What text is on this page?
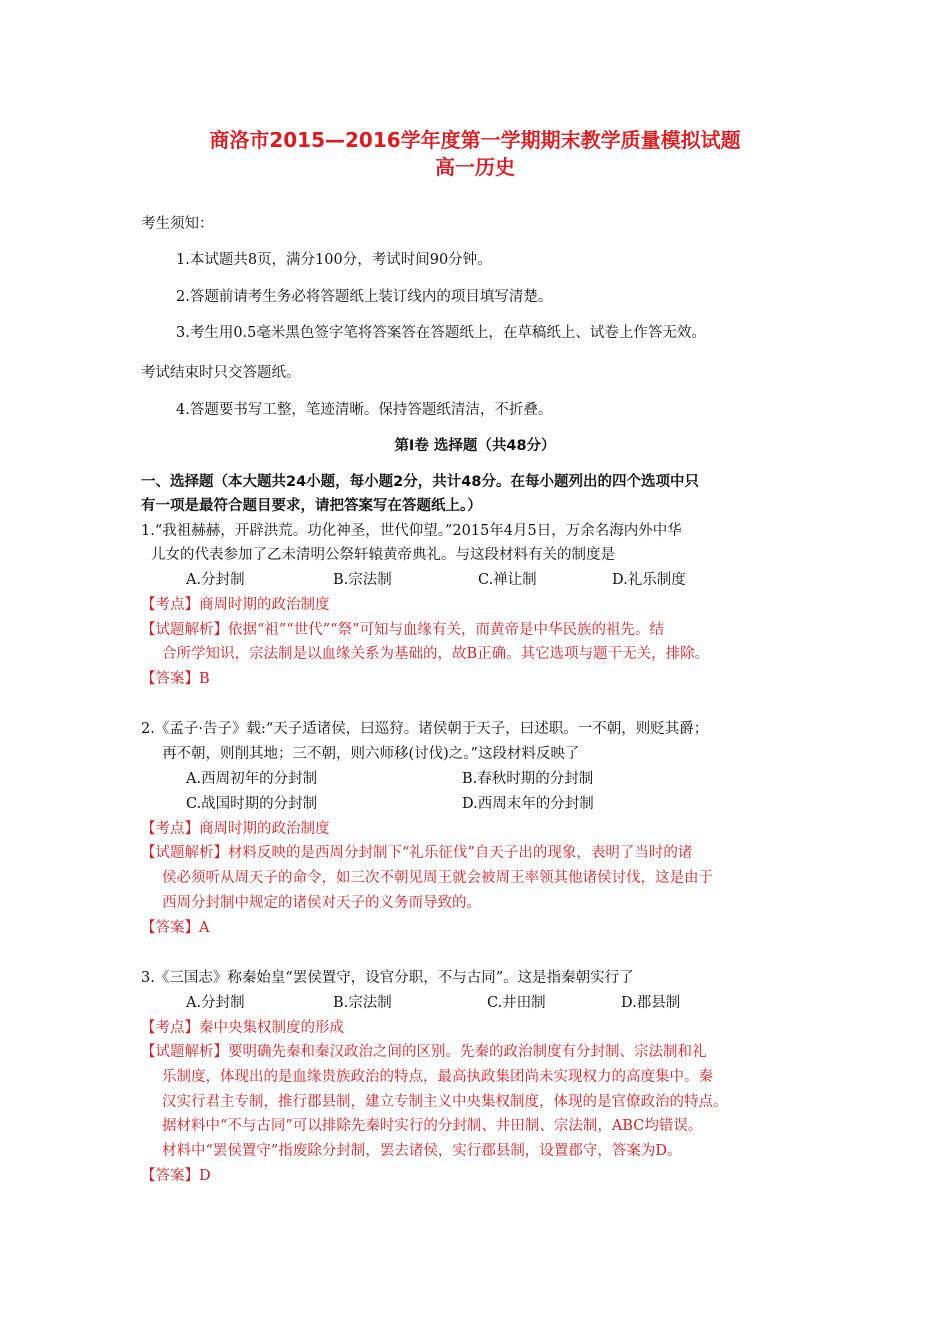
商洛市2015—2016学年度第一学期期末教学质量模拟试题
高一历史
考生须知：
1.本试题共8页，满分100分，考试时间90分钟。
2.答题前请考生务必将答题纸上装订线内的项目填写清楚。
3.考生用0.5毫米黑色签字笔将答案答在答题纸上，在草稿纸上、试卷上作答无效。
考试结束时只交答题纸。
4.答题要书写工整，笔迹清晰。保持答题纸清洁，不折叠。
第Ⅰ卷 选择题（共48分）
一、选择题（本大题共24小题，每小题2分，共计48分。在每小题列出的四个选项中只
有一项是最符合题目要求，请把答案写在答题纸上。）
1.“我祖赫赫，开辟洪荒。功化神圣，世代仰望。”2015年4月5日，万余名海内外中华
儿女的代表参加了乙未清明公祭轩辕黄帝典礼。与这段材料有关的制度是
A.分封制	B.宗法制	C.禅让制	D.礼乐制度
【考点】商周时期的政治制度
【试题解析】依据“祖”“世代”“祭”可知与血缘有关，而黄帝是中华民族的祖先。结
合所学知识，宗法制是以血缘关系为基础的，故B正确。其它选项与题干无关，排除。
【答案】B
2.《孟子·告子》载:“天子适诸侯，曰巡狩。诸侯朝于天子，曰述职。一不朝，则贬其爵；
再不朝，则削其地；三不朝，则六师移(讨伐)之。”这段材料反映了
A.西周初年的分封制	B.春秋时期的分封制
C.战国时期的分封制	D.西周末年的分封制
【考点】商周时期的政治制度
【试题解析】材料反映的是西周分封制下“礼乐征伐”自天子出的现象，表明了当时的诸
侯必须听从周天子的命令，如三次不朝见周王就会被周王率领其他诸侯讨伐，这是由于
西周分封制中规定的诸侯对天子的义务而导致的。
【答案】A
3.《三国志》称秦始皇“罢侯置守，设官分职，不与古同”。这是指秦朝实行了
A.分封制	B.宗法制	C.井田制	D.郡县制
【考点】秦中央集权制度的形成
【试题解析】要明确先秦和秦汉政治之间的区别。先秦的政治制度有分封制、宗法制和礼
乐制度，体现出的是血缘贵族政治的特点，最高执政集团尚未实现权力的高度集中。秦
汉实行君主专制，推行郡县制，建立专制主义中央集权制度，体现的是官僚政治的特点。
据材料中“不与古同”可以排除先秦时实行的分封制、井田制、宗法制，ABC均错误。
材料中“罢侯置守”指废除分封制，罢去诸侯，实行郡县制，设置郡守，答案为D。
【答案】D
